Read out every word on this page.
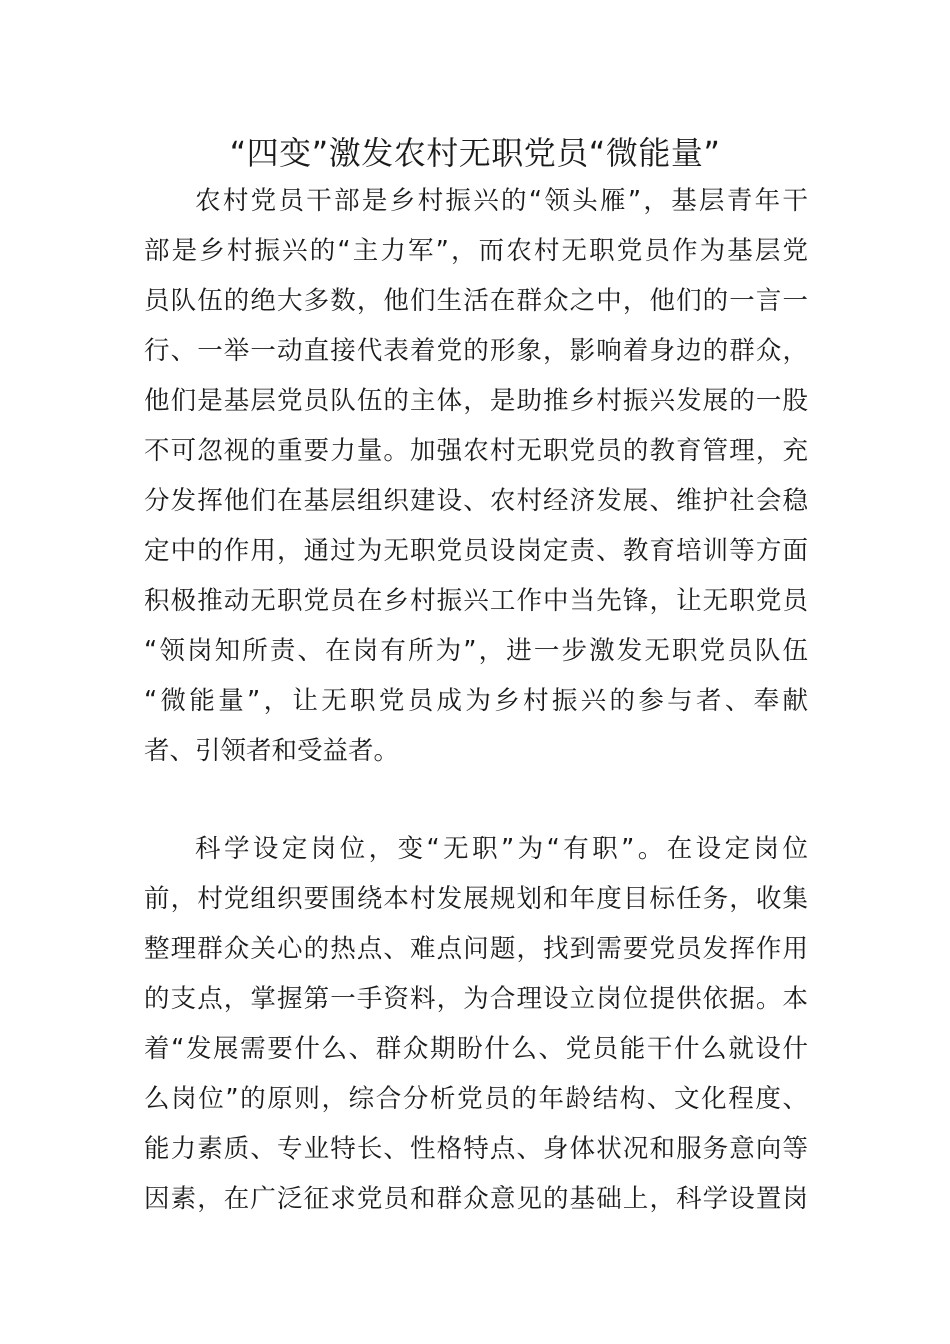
“四变”激发农村无职党员“微能量”
农村党员干部是乡村振兴的“领头雁”，基层青年干
部是乡村振兴的“主力军”，而农村无职党员作为基层党
员队伍的绝大多数，他们生活在群众之中，他们的一言一
行、一举一动直接代表着党的形象，影响着身边的群众，
他们是基层党员队伍的主体，是助推乡村振兴发展的一股
不可忽视的重要力量。加强农村无职党员的教育管理，充
分发挥他们在基层组织建设、农村经济发展、维护社会稳
定中的作用，通过为无职党员设岗定责、教育培训等方面
积极推动无职党员在乡村振兴工作中当先锋，让无职党员
“领岗知所责、在岗有所为”，进一步激发无职党员队伍
“微能量”，让无职党员成为乡村振兴的参与者、奉献
者、引领者和受益者。
科学设定岗位，变“无职”为“有职”。在设定岗位
前，村党组织要围绕本村发展规划和年度目标任务，收集
整理群众关心的热点、难点问题，找到需要党员发挥作用
的支点，掌握第一手资料，为合理设立岗位提供依据。本
着“发展需要什么、群众期盼什么、党员能干什么就设什
么岗位”的原则，综合分析党员的年龄结构、文化程度、
能力素质、专业特长、性格特点、身体状况和服务意向等
因素，在广泛征求党员和群众意见的基础上，科学设置岗
